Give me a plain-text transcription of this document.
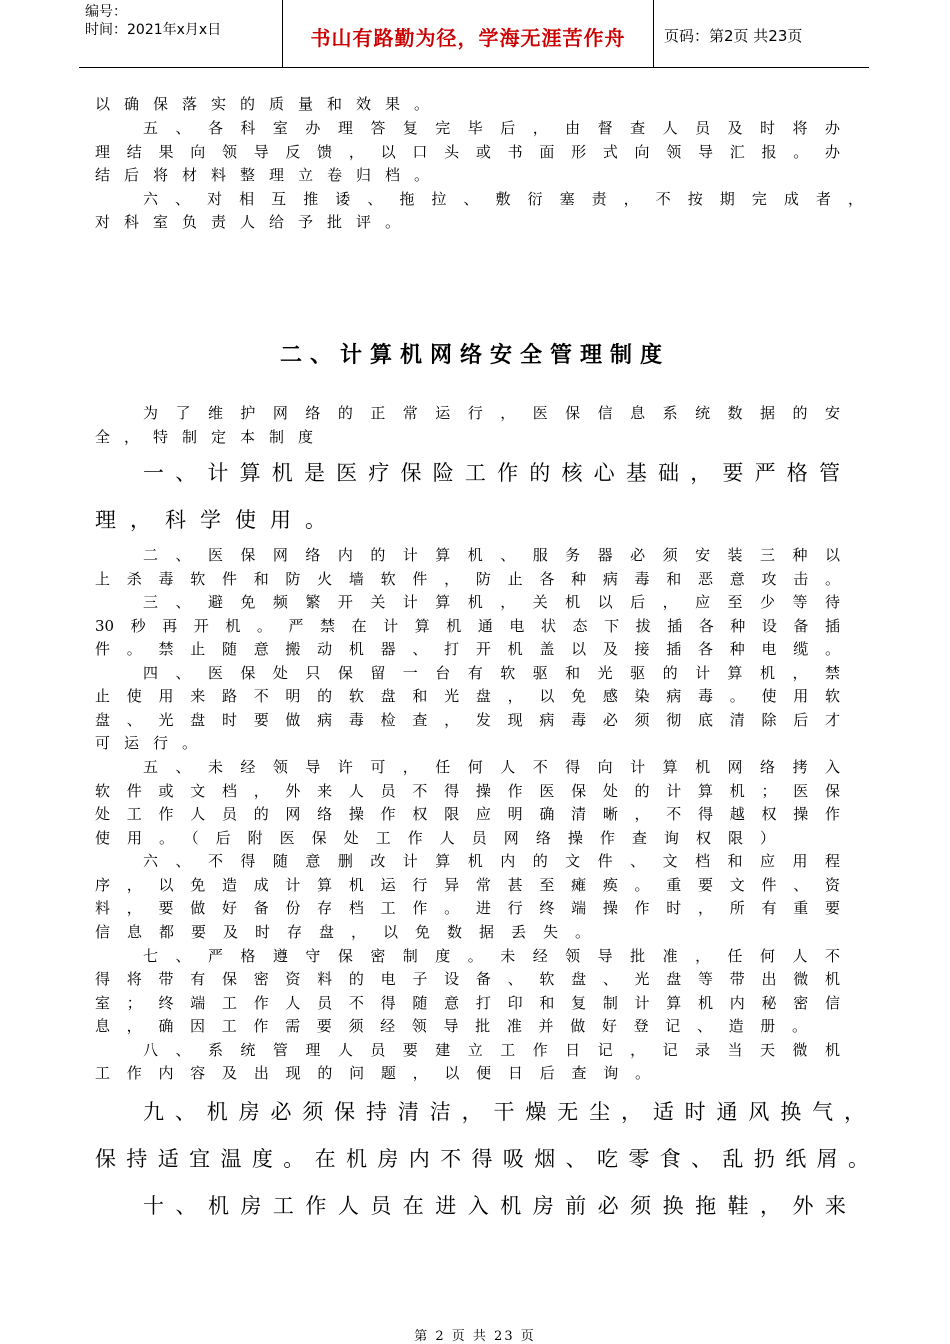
编号：
时间：2021年x月x日	书山有路勤为径，学海无涯苦作舟	页码：第2页 共23页
以确保落实的质量和效果。
五、各科室办理答复完毕后，由督查人员及时将办
理结果向领导反馈，以口头或书面形式向领导汇报。办
结后将材料整理立卷归档。
六、对相互推诿、拖拉、敷衍塞责，不按期完成者，
对科室负责人给予批评。
二、计算机网络安全管理制度
为了维护网络的正常运行，医保信息系统数据的安
全，特制定本制度
一、计算机是医疗保险工作的核心基础，要严格管
理，科学使用。
二、医保网络内的计算机、服务器必须安装三种以
上杀毒软件和防火墙软件，防止各种病毒和恶意攻击。
三、避免频繁开关计算机，关机以后，应至少等待
30秒再开机。严禁在计算机通电状态下拔插各种设备插
件。禁止随意搬动机器、打开机盖以及接插各种电缆。
四、医保处只保留一台有软驱和光驱的计算机，禁
止使用来路不明的软盘和光盘，以免感染病毒。使用软
盘、光盘时要做病毒检查，发现病毒必须彻底清除后才
可运行。
五、未经领导许可，任何人不得向计算机网络拷入
软件或文档，外来人员不得操作医保处的计算机；医保
处工作人员的网络操作权限应明确清晰，不得越权操作
使用。（后附医保处工作人员网络操作查询权限）
六、不得随意删改计算机内的文件、文档和应用程
序，以免造成计算机运行异常甚至瘫痪。重要文件、资
料，要做好备份存档工作。进行终端操作时，所有重要
信息都要及时存盘，以免数据丢失。
七、严格遵守保密制度。未经领导批准，任何人不
得将带有保密资料的电子设备、软盘、光盘等带出微机
室；终端工作人员不得随意打印和复制计算机内秘密信
息，确因工作需要须经领导批准并做好登记、造册。
八、系统管理人员要建立工作日记，记录当天微机
工作内容及出现的问题，以便日后查询。
九、机房必须保持清洁，干燥无尘，适时通风换气，
保持适宜温度。在机房内不得吸烟、吃零食、乱扔纸屑。
十、机房工作人员在进入机房前必须换拖鞋，外来
第 2 页 共 23 页
